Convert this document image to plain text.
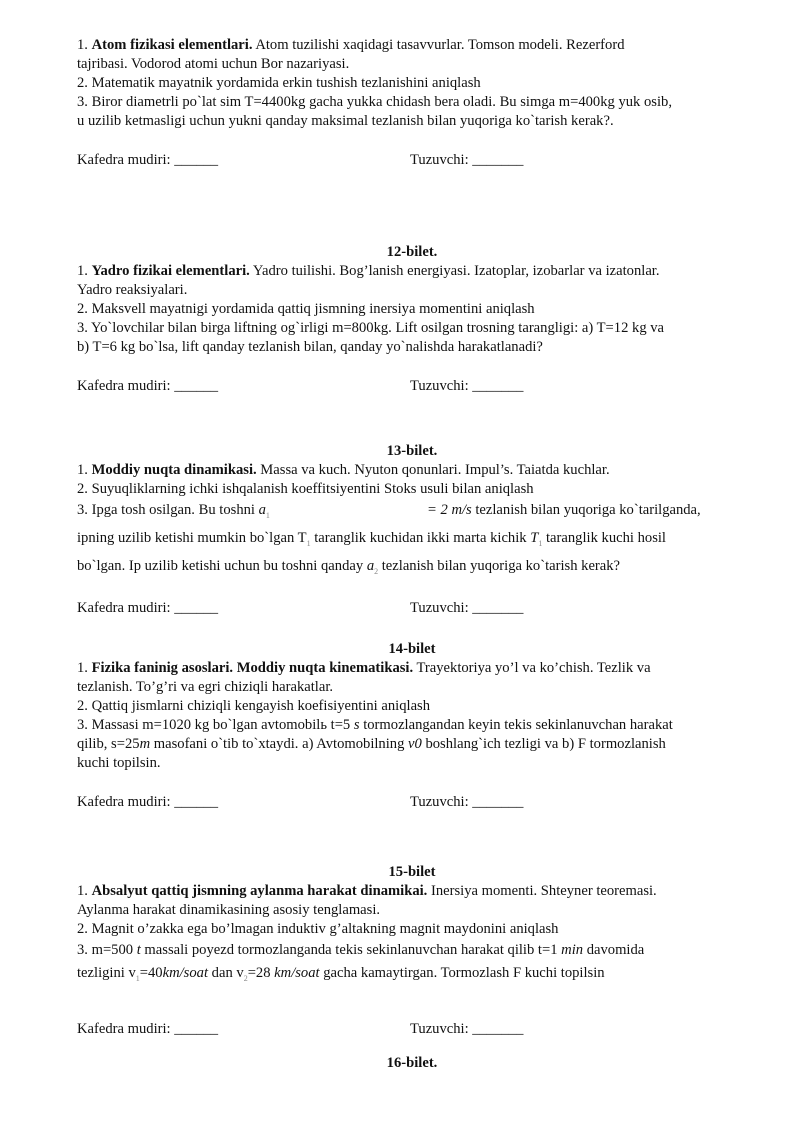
1. Atom fizikasi elementlari. Atom tuzilishi xaqidagi tasavvurlar. Tomson modeli. Rezerford
tajribasi. Vodorod atomi uchun Bor nazariyasi.
2. Matematik mayatnik yordamida erkin tushish tezlanishini aniqlash
3. Biror diametrli po`lat sim T=4400kg gacha yukka chidash bera oladi. Bu simga m=400kg yuk osib,
u uzilib ketmasligi uchun yukni qanday maksimal tezlanish bilan yuqoriga ko`tarish kerak?.
Kafedra mudiri: ______	Tuzuvchi: _______
12-bilet.
1. Yadro fizikai elementlari. Yadro tuilishi. Bog’lanish energiyasi. Izatoplar, izobarlar va izatonlar.
Yadro reaksiyalari.
2. Maksvell mayatnigi yordamida qattiq jismning inersiya momentini aniqlash
3. Yo`lovchilar bilan birga liftning og`irligi m=800kg. Lift osilgan trosning tarangligi: a) T=12 kg va
b) T=6 kg bo`lsa, lift qanday tezlanish bilan, qanday yo`nalishda harakatlanadi?
Kafedra mudiri: ______	Tuzuvchi: _______
13-bilet.
1. Moddiy nuqta dinamikasi. Massa va kuch. Nyuton qonunlari. Impul’s. Taiatda kuchlar.
2. Suyuqliklarning ichki ishqalanish koeffitsiyentini Stoks usuli bilan aniqlash
3. Ipga tosh osilgan. Bu toshni $a_1$	= 2 m/s tezlanish bilan yuqoriga ko`tarilganda,
ipning uzilib ketishi mumkin bo`lgan $T_1$ taranglik kuchidan ikki marta kichik $T_1$ taranglik kuchi hosil
bo`lgan. Ip uzilib ketishi uchun bu toshni qanday $a_2$ tezlanish bilan yuqoriga ko`tarish kerak?
Kafedra mudiri: ______	Tuzuvchi: _______
14-bilet
1. Fizika faninig asoslari. Moddiy nuqta kinematikasi. Trayektoriya yo’l va ko’chish. Tezlik va
tezlanish. To’g’ri va egri chiziqli harakatlar.
2. Qattiq jismlarni chiziqli kengayish koefisiyentini aniqlash
3. Massasi m=1020 kg bo`lgan avtomobilь t=5 s tormozlangandan keyin tekis sekinlanuvchan harakat
qilib, s=25m masofani o`tib to`xtaydi. a) Avtomobilning v0 boshlang`ich tezligi va b) F tormozlanish
kuchi topilsin.
Kafedra mudiri: ______	Tuzuvchi: _______
15-bilet
1. Absalyut qattiq jismning aylanma harakat dinamikai. Inersiya momenti. Shteyner teoremasi.
Aylanma harakat dinamikasining asosiy tenglamasi.
2. Magnit o’zakka ega bo’lmagan induktiv g’altakning magnit maydonini aniqlash
3. m=500 t massali poyezd tormozlanganda tekis sekinlanuvchan harakat qilib t=1 min davomida
tezligini $v_1=40km$/soat dan $v_2=28$ km/soat gacha kamaytirgan. Tormozlash F kuchi topilsin
Kafedra mudiri: ______	Tuzuvchi: _______
16-bilet.
